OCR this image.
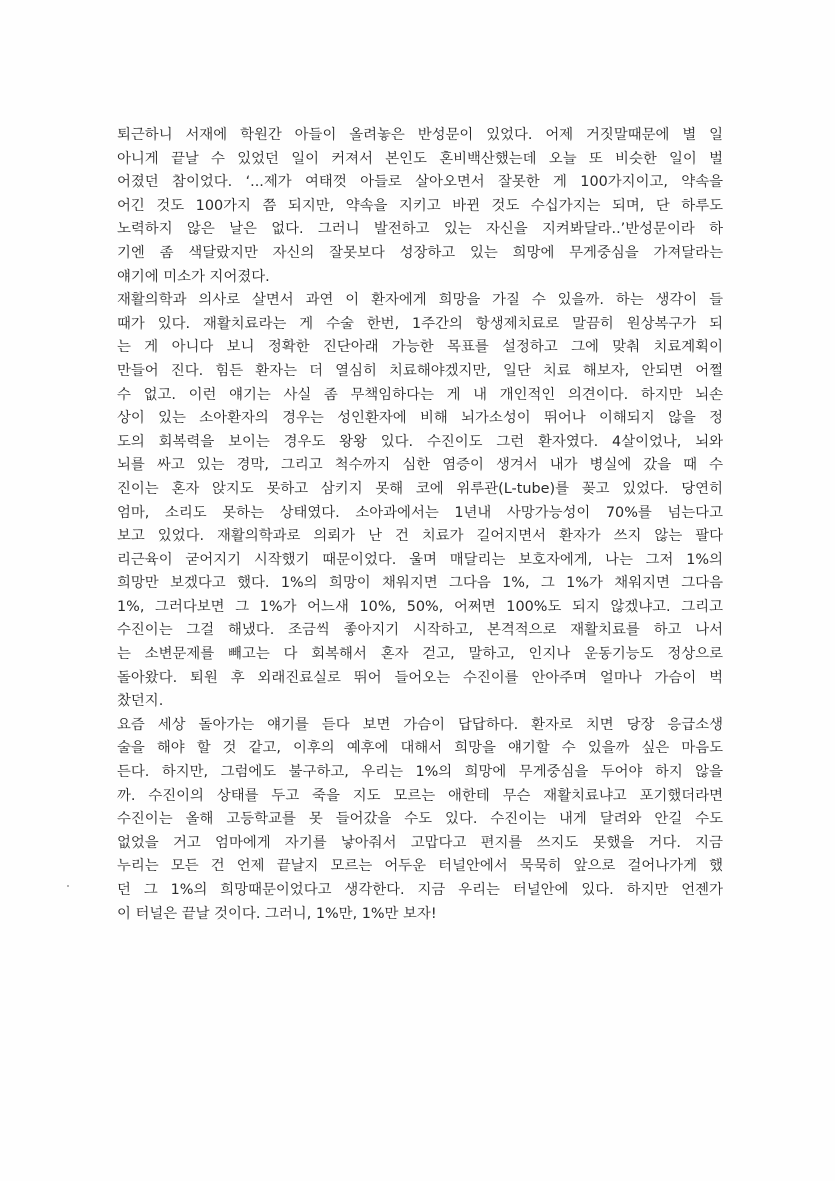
퇴근하니 서재에 학원간 아들이 올려놓은 반성문이 있었다. 어제 거짓말때문에 별 일
아니게 끝날 수 있었던 일이 커져서 본인도 혼비백산했는데 오늘 또 비슷한 일이 벌
어졌던 참이었다. ‘...제가 여태껏 아들로 살아오면서 잘못한 게 100가지이고, 약속을
어긴 것도 100가지 쯤 되지만, 약속을 지키고 바뀐 것도 수십가지는 되며, 단 하루도
노력하지 않은 날은 없다. 그러니 발전하고 있는 자신을 지켜봐달라..’반성문이라 하
기엔 좀 색달랐지만 자신의 잘못보다 성장하고 있는 희망에 무게중심을 가져달라는
얘기에 미소가 지어졌다.
재활의학과 의사로 살면서 과연 이 환자에게 희망을 가질 수 있을까. 하는 생각이 들
때가 있다. 재활치료라는 게 수술 한번, 1주간의 항생제치료로 말끔히 원상복구가 되
는 게 아니다 보니 정확한 진단아래 가능한 목표를 설정하고 그에 맞춰 치료계획이
만들어 진다. 힘든 환자는 더 열심히 치료해야겠지만, 일단 치료 해보자, 안되면 어쩔
수 없고. 이런 얘기는 사실 좀 무책임하다는 게 내 개인적인 의견이다. 하지만 뇌손
상이 있는 소아환자의 경우는 성인환자에 비해 뇌가소성이 뛰어나 이해되지 않을 정
도의 회복력을 보이는 경우도 왕왕 있다. 수진이도 그런 환자였다. 4살이었나, 뇌와
뇌를 싸고 있는 경막, 그리고 척수까지 심한 염증이 생겨서 내가 병실에 갔을 때 수
진이는 혼자 앉지도 못하고 삼키지 못해 코에 위루관(L-tube)를 꽂고 있었다. 당연히
엄마, 소리도 못하는 상태였다. 소아과에서는 1년내 사망가능성이 70%를 넘는다고
보고 있었다. 재활의학과로 의뢰가 난 건 치료가 길어지면서 환자가 쓰지 않는 팔다
리근육이 굳어지기 시작했기 때문이었다. 울며 매달리는 보호자에게, 나는 그저 1%의
희망만 보겠다고 했다. 1%의 희망이 채워지면 그다음 1%, 그 1%가 채워지면 그다음
1%, 그러다보면 그 1%가 어느새 10%, 50%, 어쩌면 100%도 되지 않겠냐고. 그리고
수진이는 그걸 해냈다. 조금씩 좋아지기 시작하고, 본격적으로 재활치료를 하고 나서
는 소변문제를 빼고는 다 회복해서 혼자 걷고, 말하고, 인지나 운동기능도 정상으로
돌아왔다. 퇴원 후 외래진료실로 뛰어 들어오는 수진이를 안아주며 얼마나 가슴이 벅
찼던지.
요즘 세상 돌아가는 얘기를 듣다 보면 가슴이 답답하다. 환자로 치면 당장 응급소생
술을 해야 할 것 같고, 이후의 예후에 대해서 희망을 얘기할 수 있을까 싶은 마음도
든다. 하지만, 그럼에도 불구하고, 우리는 1%의 희망에 무게중심을 두어야 하지 않을
까. 수진이의 상태를 두고 죽을 지도 모르는 애한테 무슨 재활치료냐고 포기했더라면
수진이는 올해 고등학교를 못 들어갔을 수도 있다. 수진이는 내게 달려와 안길 수도
없었을 거고 엄마에게 자기를 낳아줘서 고맙다고 편지를 쓰지도 못했을 거다. 지금
누리는 모든 건 언제 끝날지 모르는 어두운 터널안에서 묵묵히 앞으로 걸어나가게 했
던 그 1%의 희망때문이었다고 생각한다. 지금 우리는 터널안에 있다. 하지만 언젠가
이 터널은 끝날 것이다. 그러니, 1%만, 1%만 보자!
